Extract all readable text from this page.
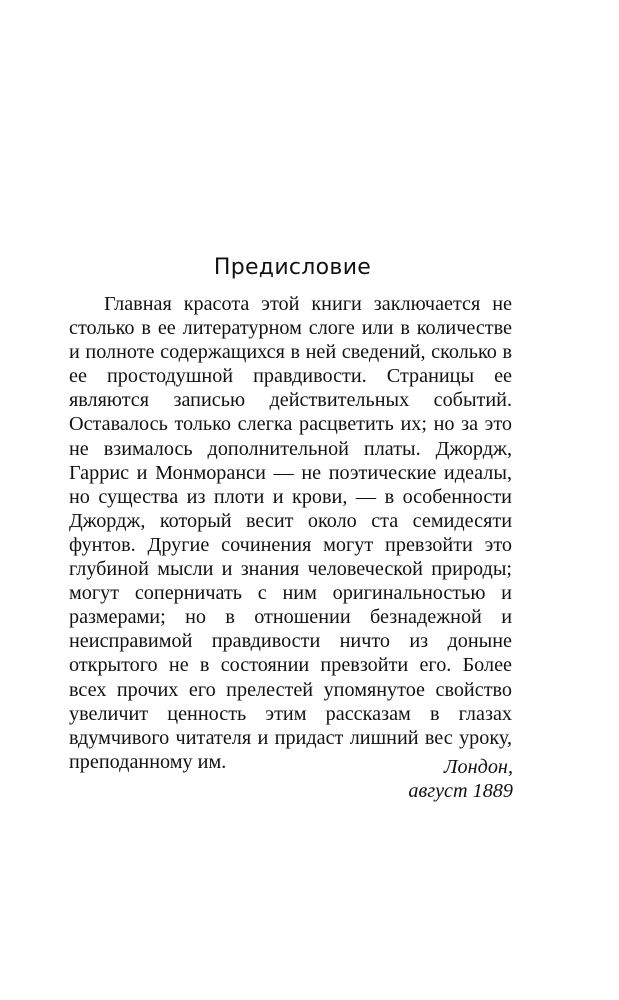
Предисловие

Главная красота этой книги заключается не столько в ее литературном слоге или в количестве и полноте содержащихся в ней сведений, сколько в ее простодушной правдивости. Страницы ее являются записью действительных событий. Оставалось только слегка расцветить их; но за это не взималось дополнительной платы. Джордж, Гаррис и Монморанси — не поэтические идеалы, но существа из плоти и крови, — в особенности Джордж, который весит около ста семидесяти фунтов. Другие сочинения могут превзойти это глубиной мысли и знания человеческой природы; могут соперничать с ним оригинальностью и размерами; но в отношении безнадежной и неисправимой правдивости ничто из доныне открытого не в состоянии превзойти его. Более всех прочих его прелестей упомянутое свойство увеличит ценность этим рассказам в глазах вдумчивого читателя и придаст лишний вес уроку, преподанному им.	Лондон,
август 1889
